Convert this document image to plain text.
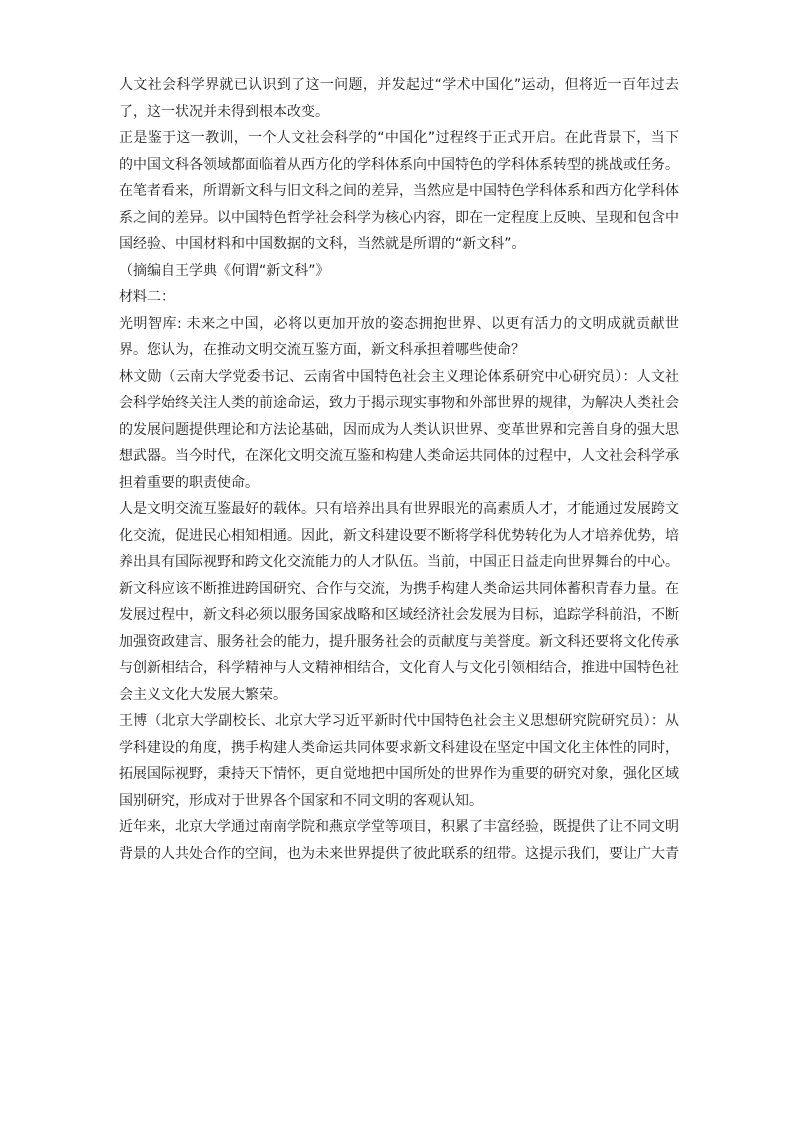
人文社会科学界就已认识到了这一问题，并发起过“学术中国化”运动，但将近一百年过去了，这一状况并未得到根本改变。

正是鉴于这一教训，一个人文社会科学的“中国化”过程终于正式开启。在此背景下，当下的中国文科各领域都面临着从西方化的学科体系向中国特色的学科体系转型的挑战或任务。在笔者看来，所谓新文科与旧文科之间的差异，当然应是中国特色学科体系和西方化学科体系之间的差异。以中国特色哲学社会科学为核心内容，即在一定程度上反映、呈现和包含中国经验、中国材料和中国数据的文科，当然就是所谓的“新文科”。

（摘编自王学典《何谓“新文科”》

材料二：

光明智库: 未来之中国，必将以更加开放的姿态拥抱世界、以更有活力的文明成就贡献世界。您认为，在推动文明交流互鉴方面，新文科承担着哪些使命？

林文勋（云南大学党委书记、云南省中国特色社会主义理论体系研究中心研究员）：人文社会科学始终关注人类的前途命运，致力于揭示现实事物和外部世界的规律，为解决人类社会的发展问题提供理论和方法论基础，因而成为人类认识世界、变革世界和完善自身的强大思想武器。当今时代，在深化文明交流互鉴和构建人类命运共同体的过程中，人文社会科学承担着重要的职责使命。

人是文明交流互鉴最好的载体。只有培养出具有世界眼光的高素质人才，才能通过发展跨文化交流，促进民心相知相通。因此，新文科建设要不断将学科优势转化为人才培养优势，培养出具有国际视野和跨文化交流能力的人才队伍。当前，中国正日益走向世界舞台的中心。新文科应该不断推进跨国研究、合作与交流，为携手构建人类命运共同体蓄积青春力量。在发展过程中，新文科必须以服务国家战略和区域经济社会发展为目标，追踪学科前沿，不断加强资政建言、服务社会的能力，提升服务社会的贡献度与美誉度。新文科还要将文化传承与创新相结合，科学精神与人文精神相结合，文化育人与文化引领相结合，推进中国特色社会主义文化大发展大繁荣。

王博（北京大学副校长、北京大学习近平新时代中国特色社会主义思想研究院研究员）：从学科建设的角度，携手构建人类命运共同体要求新文科建设在坚定中国文化主体性的同时，拓展国际视野，秉持天下情怀，更自觉地把中国所处的世界作为重要的研究对象，强化区域国别研究，形成对于世界各个国家和不同文明的客观认知。

近年来，北京大学通过南南学院和燕京学堂等项目，积累了丰富经验，既提供了让不同文明背景的人共处合作的空间，也为未来世界提供了彼此联系的纽带。这提示我们，要让广大青
